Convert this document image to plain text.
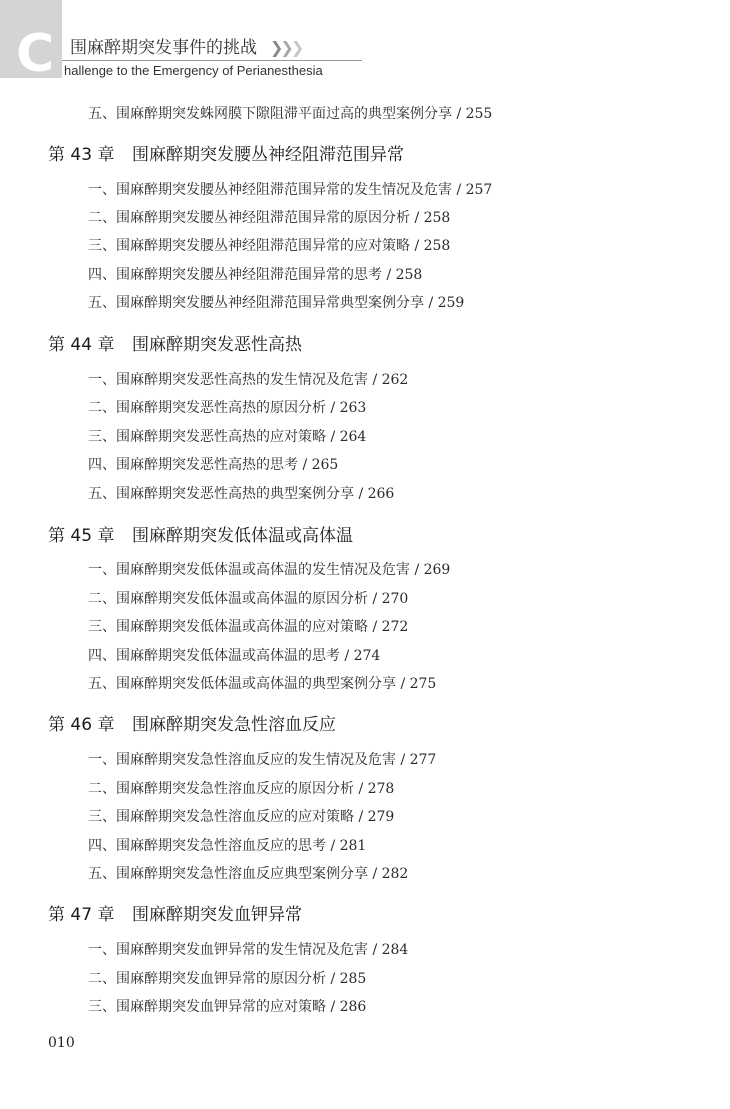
C 围麻醉期突发事件的挑战 ❯❯❯
hallenge to the Emergency of Perianesthesia
五、围麻醉期突发蛛网膜下隙阻滞平面过高的典型案例分享 / 255
第 43 章 围麻醉期突发腰丛神经阻滞范围异常
一、围麻醉期突发腰丛神经阻滞范围异常的发生情况及危害 / 257
二、围麻醉期突发腰丛神经阻滞范围异常的原因分析 / 258
三、围麻醉期突发腰丛神经阻滞范围异常的应对策略 / 258
四、围麻醉期突发腰丛神经阻滞范围异常的思考 / 258
五、围麻醉期突发腰丛神经阻滞范围异常典型案例分享 / 259
第 44 章 围麻醉期突发恶性高热
一、围麻醉期突发恶性高热的发生情况及危害 / 262
二、围麻醉期突发恶性高热的原因分析 / 263
三、围麻醉期突发恶性高热的应对策略 / 264
四、围麻醉期突发恶性高热的思考 / 265
五、围麻醉期突发恶性高热的典型案例分享 / 266
第 45 章 围麻醉期突发低体温或高体温
一、围麻醉期突发低体温或高体温的发生情况及危害 / 269
二、围麻醉期突发低体温或高体温的原因分析 / 270
三、围麻醉期突发低体温或高体温的应对策略 / 272
四、围麻醉期突发低体温或高体温的思考 / 274
五、围麻醉期突发低体温或高体温的典型案例分享 / 275
第 46 章 围麻醉期突发急性溶血反应
一、围麻醉期突发急性溶血反应的发生情况及危害 / 277
二、围麻醉期突发急性溶血反应的原因分析 / 278
三、围麻醉期突发急性溶血反应的应对策略 / 279
四、围麻醉期突发急性溶血反应的思考 / 281
五、围麻醉期突发急性溶血反应典型案例分享 / 282
第 47 章 围麻醉期突发血钾异常
一、围麻醉期突发血钾异常的发生情况及危害 / 284
二、围麻醉期突发血钾异常的原因分析 / 285
三、围麻醉期突发血钾异常的应对策略 / 286
010
